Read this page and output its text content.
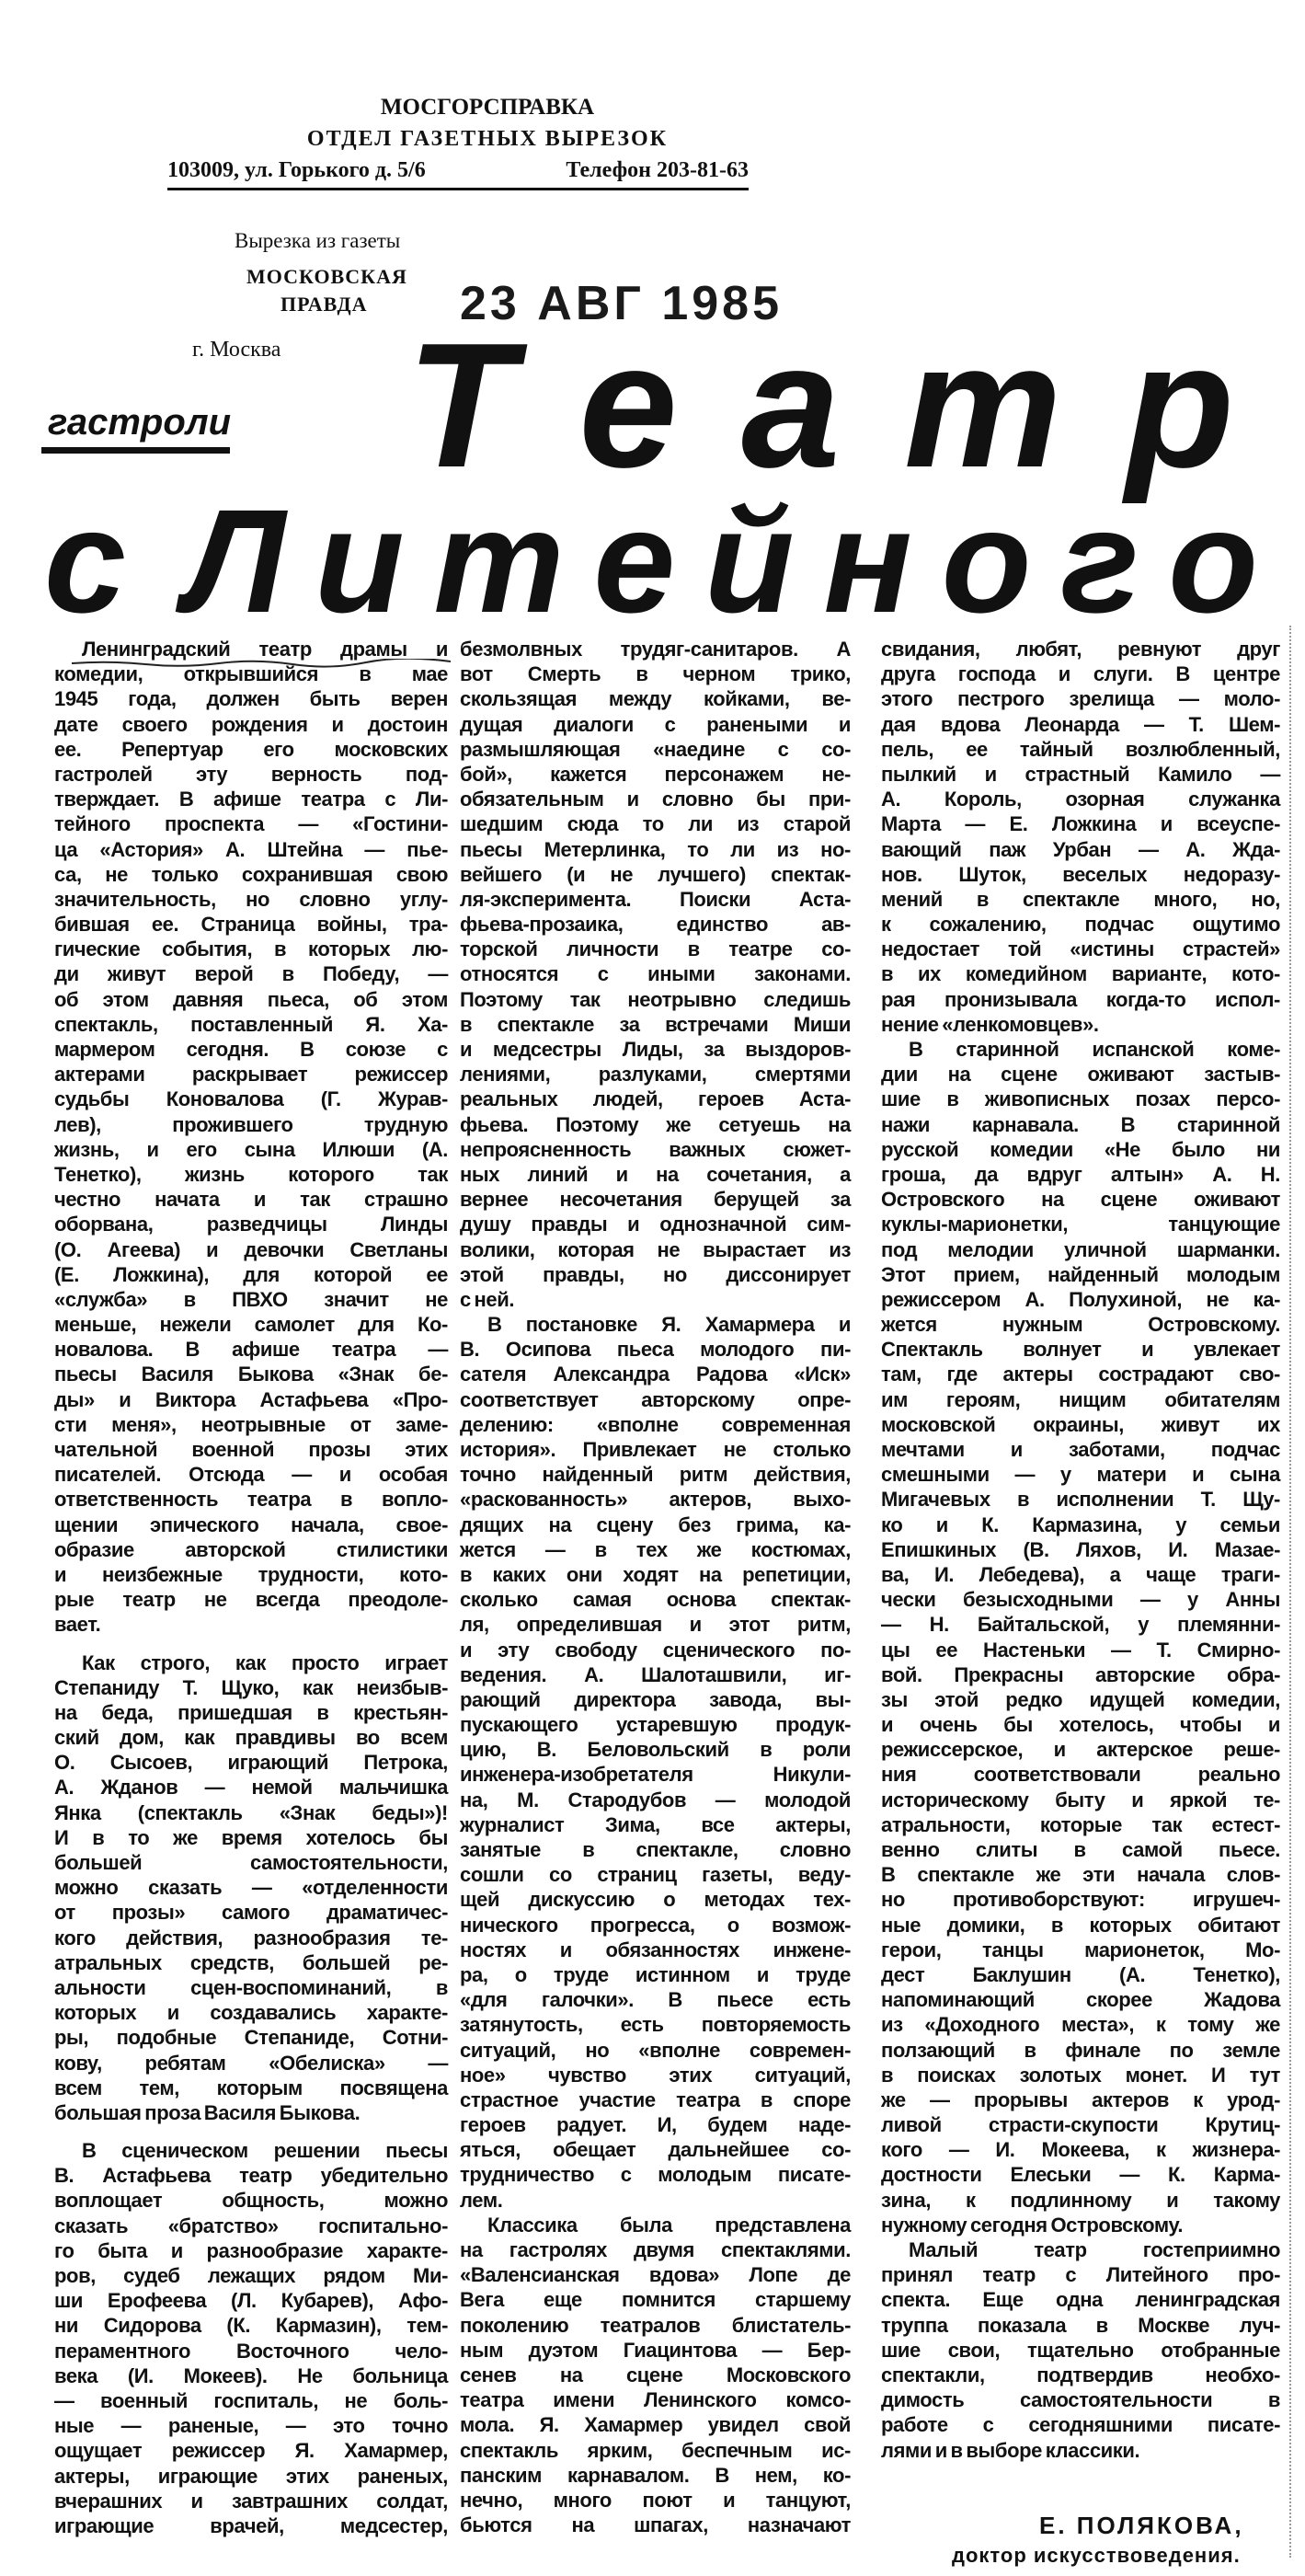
МОСГОРСПРАВКА
ОТДЕЛ ГАЗЕТНЫХ ВЫРЕЗОК
103009, ул. Горького д. 5/6	Телефон 203-81-63
Вырезка из газеты
МОСКОВСКАЯ
ПРАВДА 23 АВГ 1985
г. Москва
гастроли Т е а т р
с
Л и т е й н о г о
Ленинградский театр драмы и
комедии, открывшийся в мае
1945 года, должен быть верен
дате своего рождения и достоин
ее. Репертуар его московских
гастролей эту верность под-
тверждает. В афише театра с Ли-
тейного проспекта — «Гостини-
ца «Астория» А. Штейна — пье-
са, не только сохранившая свою
значительность, но словно углу-
бившая ее. Страница войны, тра-
гические события, в которых лю-
ди живут верой в Победу, —
об этом давняя пьеса, об этом
спектакль, поставленный Я. Ха-
мармером сегодня. В союзе с
актерами раскрывает режиссер
судьбы Коновалова (Г. Журав-
лев), прожившего трудную
жизнь, и его сына Илюши (А.
Тенетко), жизнь которого так
честно начата и так страшно
оборвана, разведчицы Линды
(О. Агеева) и девочки Светланы
(Е. Ложкина), для которой ее
«служба» в ПВХО значит не
меньше, нежели самолет для Ко-
новалова. В афише театра —
пьесы Василя Быкова «Знак бе-
ды» и Виктора Астафьева «Про-
сти меня», неотрывные от заме-
чательной военной прозы этих
писателей. Отсюда — и особая
ответственность театра в вопло-
щении эпического начала, свое-
образие авторской стилистики
и неизбежные трудности, кото-
рые театр не всегда преодоле-
вает.
Как строго, как просто играет
Степаниду Т. Щуко, как неизбыв-
на беда, пришедшая в крестьян-
ский дом, как правдивы во всем
О. Сысоев, играющий Петрока,
А. Жданов — немой мальчишка
Янка (спектакль «Знак беды»)!
И в то же время хотелось бы
большей самостоятельности,
можно сказать — «отделенности
от прозы» самого драматичес-
кого действия, разнообразия те-
атральных средств, большей ре-
альности сцен-воспоминаний, в
которых и создавались характе-
ры, подобные Степаниде, Сотни-
кову, ребятам «Обелиска» —
всем тем, которым посвящена
большая проза Василя Быкова.
В сценическом решении пьесы
В. Астафьева театр убедительно
воплощает общность, можно
сказать «братство» госпитально-
го быта и разнообразие характе-
ров, судеб лежащих рядом Ми-
ши Ерофеева (Л. Кубарев), Афо-
ни Сидорова (К. Кармазин), тем-
пераментного Восточного чело-
века (И. Мокеев). Не больница
— военный госпиталь, не боль-
ные — раненые, — это точно
ощущает режиссер Я. Хамармер,
актеры, играющие этих раненых,
вчерашних и завтрашних солдат,
играющие врачей, медсестер,
безмолвных трудяг-санитаров. А
вот Смерть в черном трико,
скользящая между койками, ве-
дущая диалоги с ранеными и
размышляющая «наедине с со-
бой», кажется персонажем не-
обязательным и словно бы при-
шедшим сюда то ли из старой
пьесы Метерлинка, то ли из но-
вейшего (и не лучшего) спектак-
ля-эксперимента. Поиски Аста-
фьева-прозаика, единство ав-
торской личности в театре со-
относятся с иными законами.
Поэтому так неотрывно следишь
в спектакле за встречами Миши
и медсестры Лиды, за выздоров-
лениями, разлуками, смертями
реальных людей, героев Аста-
фьева. Поэтому же сетуешь на
непроясненность важных сюжет-
ных линий и на сочетания, а
вернее несочетания берущей за
душу правды и однозначной сим-
волики, которая не вырастает из
этой правды, но диссонирует
с ней.
В постановке Я. Хамармера и
В. Осипова пьеса молодого пи-
сателя Александра Радова «Иск»
соответствует авторскому опре-
делению: «вполне современная
история». Привлекает не столько
точно найденный ритм действия,
«раскованность» актеров, выхо-
дящих на сцену без грима, ка-
жется — в тех же костюмах,
в каких они ходят на репетиции,
сколько самая основа спектак-
ля, определившая и этот ритм,
и эту свободу сценического по-
ведения. А. Шалоташвили, иг-
рающий директора завода, вы-
пускающего устаревшую продук-
цию, В. Беловольский в роли
инженера-изобретателя Никули-
на, М. Стародубов — молодой
журналист Зима, все актеры,
занятые в спектакле, словно
сошли со страниц газеты, веду-
щей дискуссию о методах тех-
нического прогресса, о возмож-
ностях и обязанностях инжене-
ра, о труде истинном и труде
«для галочки». В пьесе есть
затянутость, есть повторяемость
ситуаций, но «вполне современ-
ное» чувство этих ситуаций,
страстное участие театра в споре
героев радует. И, будем наде-
яться, обещает дальнейшее со-
трудничество с молодым писате-
лем.
Классика была представлена
на гастролях двумя спектаклями.
«Валенсианская вдова» Лопе де
Вега еще помнится старшему
поколению театралов блистатель-
ным дуэтом Гиацинтова — Бер-
сенев на сцене Московского
театра имени Ленинского комсо-
мола. Я. Хамармер увидел свой
спектакль ярким, беспечным ис-
панским карнавалом. В нем, ко-
нечно, много поют и танцуют,
бьются на шпагах, назначают
свидания, любят, ревнуют друг
друга господа и слуги. В центре
этого пестрого зрелища — моло-
дая вдова Леонарда — Т. Шем-
пель, ее тайный возлюбленный,
пылкий и страстный Камило —
А. Король, озорная служанка
Марта — Е. Ложкина и всеуспе-
вающий паж Урбан — А. Жда-
нов. Шуток, веселых недоразу-
мений в спектакле много, но,
к сожалению, подчас ощутимо
недостает той «истины страстей»
в их комедийном варианте, кото-
рая пронизывала когда-то испол-
нение «ленкомовцев».
В старинной испанской коме-
дии на сцене оживают застыв-
шие в живописных позах персо-
нажи карнавала. В старинной
русской комедии «Не было ни
гроша, да вдруг алтын» А. Н.
Островского на сцене оживают
куклы-марионетки, танцующие
под мелодии уличной шарманки.
Этот прием, найденный молодым
режиссером А. Полухиной, не ка-
жется нужным Островскому.
Спектакль волнует и увлекает
там, где актеры сострадают сво-
им героям, нищим обитателям
московской окраины, живут их
мечтами и заботами, подчас
смешными — у матери и сына
Мигачевых в исполнении Т. Щу-
ко и К. Кармазина, у семьи
Епишкиных (В. Ляхов, И. Мазае-
ва, И. Лебедева), а чаще траги-
чески безысходными — у Анны
— Н. Байтальской, у племянни-
цы ее Настеньки — Т. Смирно-
вой. Прекрасны авторские обра-
зы этой редко идущей комедии,
и очень бы хотелось, чтобы и
режиссерское, и актерское реше-
ния соответствовали реально
историческому быту и яркой те-
атральности, которые так естест-
венно слиты в самой пьесе.
В спектакле же эти начала слов-
но противоборствуют: игрушеч-
ные домики, в которых обитают
герои, танцы марионеток, Мо-
дест Баклушин (А. Тенетко),
напоминающий скорее Жадова
из «Доходного места», к тому же
ползающий в финале по земле
в поисках золотых монет. И тут
же — прорывы актеров к урод-
ливой страсти-скупости Крутиц-
кого — И. Мокеева, к жизнера-
достности Елеськи — К. Карма-
зина, к подлинному и такому
нужному сегодня Островскому.
Малый театр гостеприимно
принял театр с Литейного про-
спекта. Еще одна ленинградская
труппа показала в Москве луч-
шие свои, тщательно отобранные
спектакли, подтвердив необхо-
димость самостоятельности в
работе с сегодняшними писате-
лями и в выборе классики.
Е. ПОЛЯКОВА,
доктор искусствоведения.
